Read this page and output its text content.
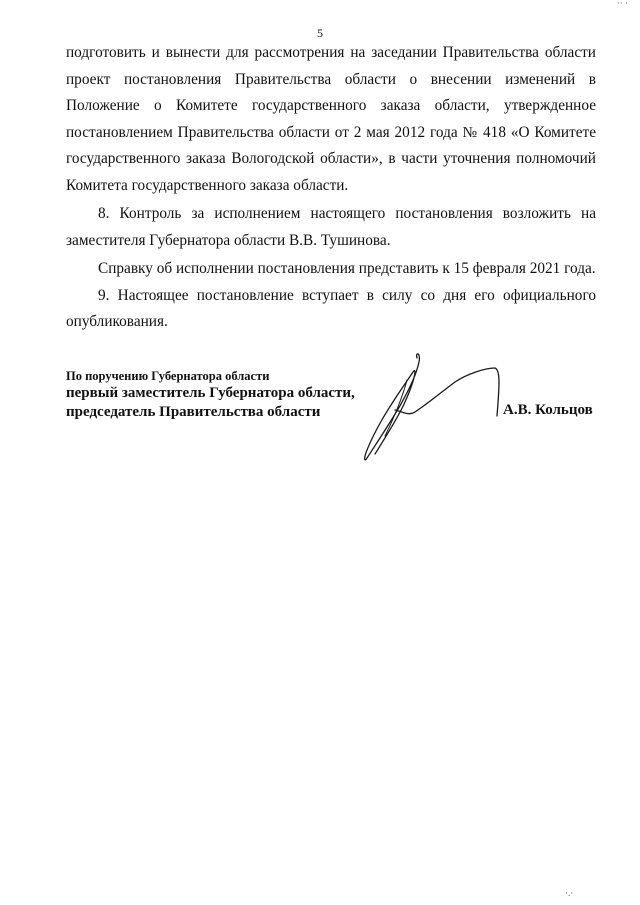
5

подготовить и вынести для рассмотрения на заседании Правительства области проект постановления Правительства области о внесении изменений в Положение о Комитете государственного заказа области, утвержденное постановлением Правительства области от 2 мая 2012 года № 418 «О Комитете государственного заказа Вологодской области», в части уточнения полномочий Комитета государственного заказа области.

8. Контроль за исполнением настоящего постановления возложить на заместителя Губернатора области В.В. Тушинова.

Справку об исполнении постановления представить к 15 февраля 2021 года.

9. Настоящее постановление вступает в силу со дня его официального опубликования.

По поручению Губернатора области
первый заместитель Губернатора области,
председатель Правительства области	А.В. Кольцов
·· ·
·.·
